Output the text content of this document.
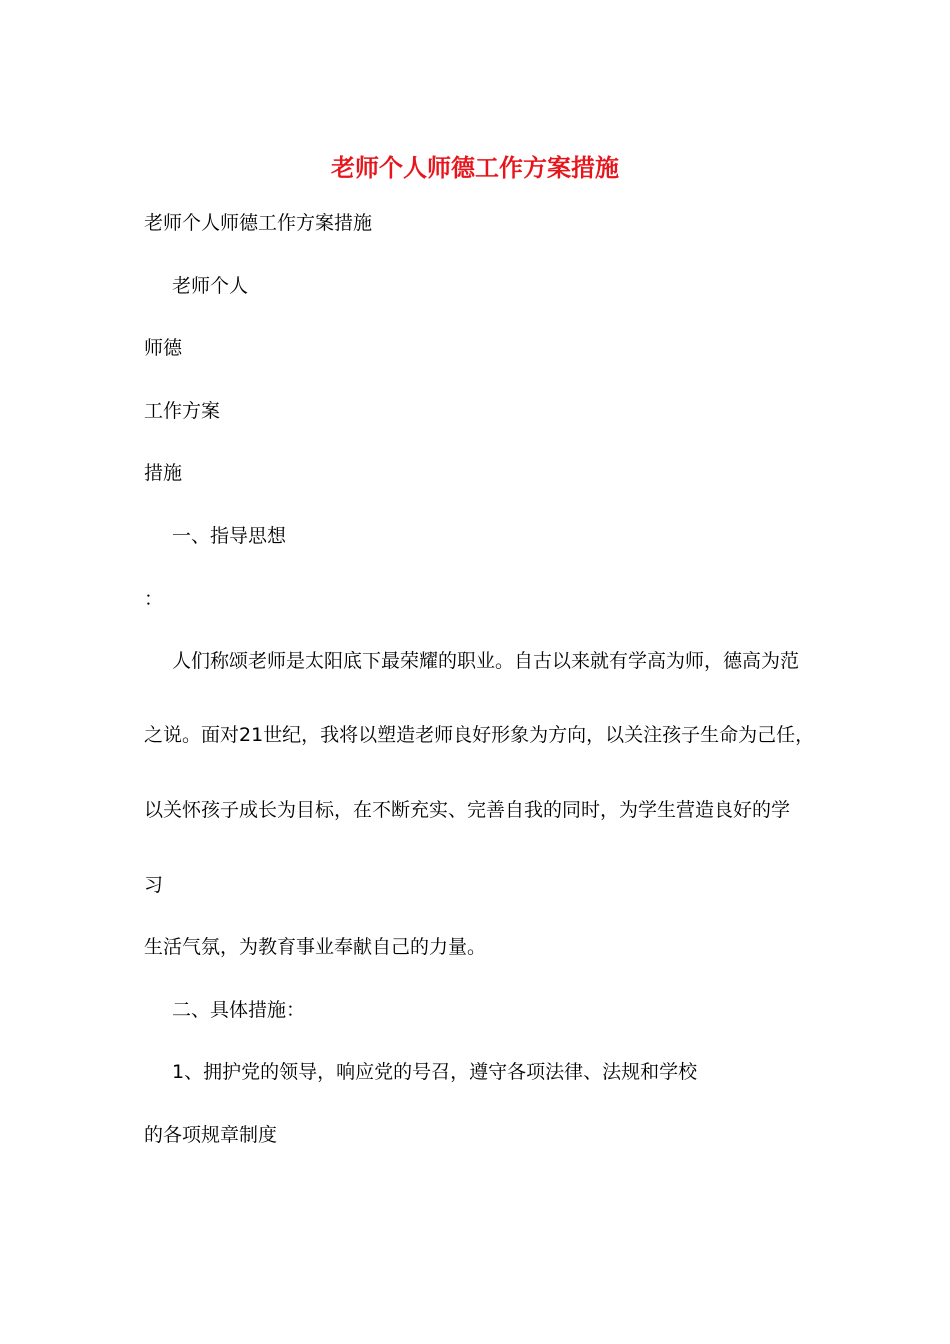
老师个人师德工作方案措施
老师个人师德工作方案措施
老师个人
师德
工作方案
措施
一、指导思想
：
人们称颂老师是太阳底下最荣耀的职业。自古以来就有学高为师，德高为范
之说。面对21世纪，我将以塑造老师良好形象为方向，以关注孩子生命为己任，
以关怀孩子成长为目标，在不断充实、完善自我的同时，为学生营造良好的学
习
生活气氛，为教育事业奉献自己的力量。
二、具体措施：
1、拥护党的领导，响应党的号召，遵守各项法律、法规和学校
的各项规章制度
